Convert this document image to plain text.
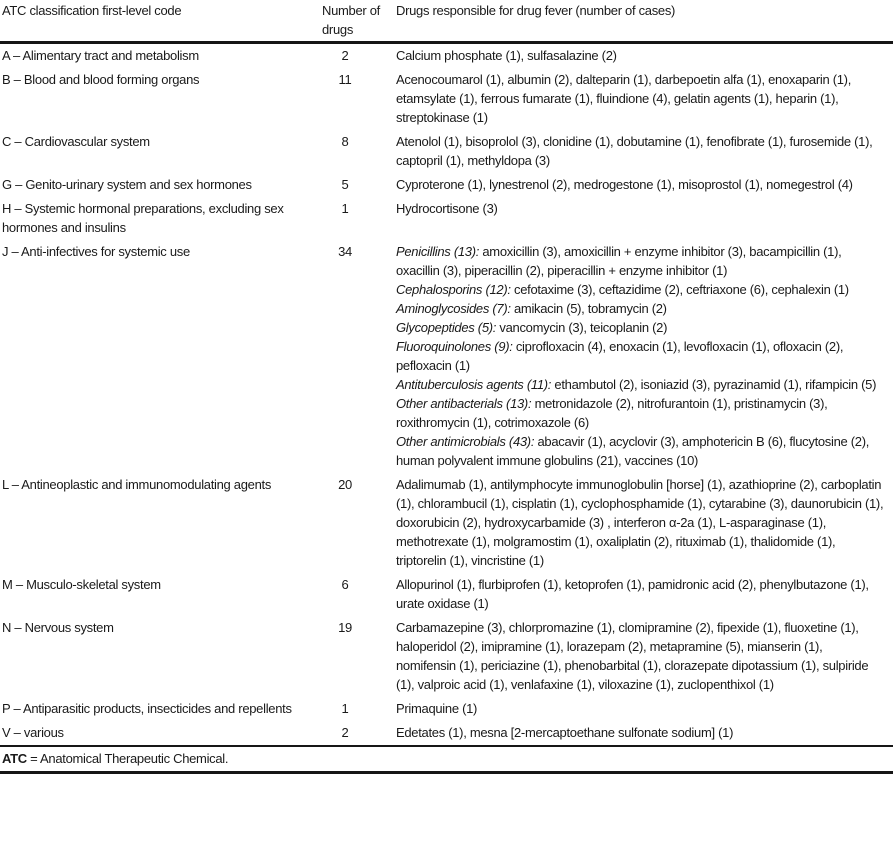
ATC classification first-level code	Number of drugs	Drugs responsible for drug fever (number of cases)
A – Alimentary tract and metabolism	2	Calcium phosphate (1), sulfasalazine (2)

B – Blood and blood forming organs	11	Acenocoumarol (1), albumin (2), dalteparin (1), darbepoetin alfa (1), enoxaparin (1), etamsylate (1), ferrous fumarate (1), fluindione (4), gelatin agents (1), heparin (1), streptokinase (1)

C – Cardiovascular system	8	Atenolol (1), bisoprolol (3), clonidine (1), dobutamine (1), fenofibrate (1), furosemide (1), captopril (1), methyldopa (3)

G – Genito-urinary system and sex hormones	5	Cyproterone (1), lynestrenol (2), medrogestone (1), misoprostol (1), nomegestrol (4)

H – Systemic hormonal preparations, excluding sex hormones and insulins	1	Hydrocortisone (3)

J – Anti-infectives for systemic use	34	Penicillins (13): amoxicillin (3), amoxicillin + enzyme inhibitor (3), bacampicillin (1), oxacillin (3), piperacillin (2), piperacillin + enzyme inhibitor (1)
Cephalosporins (12): cefotaxime (3), ceftazidime (2), ceftriaxone (6), cephalexin (1)
Aminoglycosides (7): amikacin (5), tobramycin (2)
Glycopeptides (5): vancomycin (3), teicoplanin (2)
Fluoroquinolones (9): ciprofloxacin (4), enoxacin (1), levofloxacin (1), ofloxacin (2), pefloxacin (1)
Antituberculosis agents (11): ethambutol (2), isoniazid (3), pyrazinamid (1), rifampicin (5)
Other antibacterials (13): metronidazole (2), nitrofurantoin (1), pristinamycin (3), roxithromycin (1), cotrimoxazole (6)
Other antimicrobials (43): abacavir (1), acyclovir (3), amphotericin B (6), flucytosine (2), human polyvalent immune globulins (21), vaccines (10)

L – Antineoplastic and immunomodulating agents	20	Adalimumab (1), antilymphocyte immunoglobulin [horse] (1), azathioprine (2), carboplatin (1), chlorambucil (1), cisplatin (1), cyclophosphamide (1), cytarabine (3), daunorubicin (1), doxorubicin (2), hydroxycarbamide (3) , interferon α-2a (1), L-asparaginase (1), methotrexate (1), molgramostim (1), oxaliplatin (2), rituximab (1), thalidomide (1), triptorelin (1), vincristine (1)

M – Musculo-skeletal system	6	Allopurinol (1), flurbiprofen (1), ketoprofen (1), pamidronic acid (2), phenylbutazone (1), urate oxidase (1)

N – Nervous system	19	Carbamazepine (3), chlorpromazine (1), clomipramine (2), fipexide (1), fluoxetine (1), haloperidol (2), imipramine (1), lorazepam (2), metapramine (5), mianserin (1), nomifensin (1), periciazine (1), phenobarbital (1), clorazepate dipotassium (1), sulpiride (1), valproic acid (1), venlafaxine (1), viloxazine (1), zuclopenthixol (1)

P – Antiparasitic products, insecticides and repellents	1	Primaquine (1)

V – various	2	Edetates (1), mesna [2-mercaptoethane sulfonate sodium] (1)
ATC = Anatomical Therapeutic Chemical.
